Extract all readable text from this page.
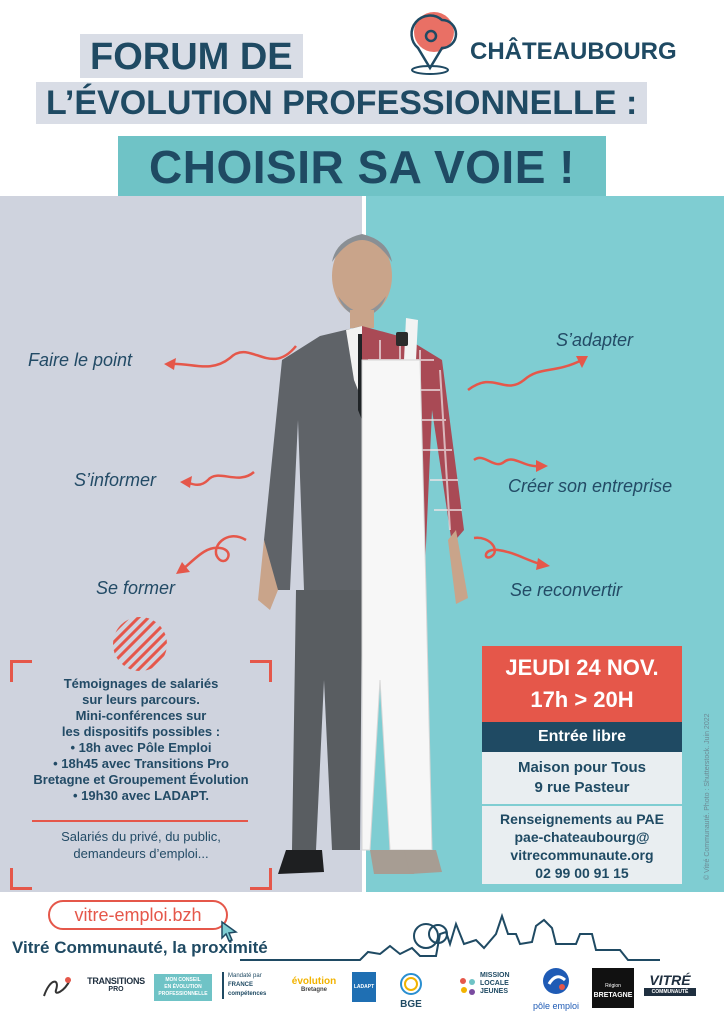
FORUM DE
L’ÉVOLUTION PROFESSIONNELLE :
CHOISIR SA VOIE !
CHÂTEAUBOURG
Faire le point
S’informer
Se former
S’adapter
Créer son entreprise
Se reconvertir
Témoignages de salariés
sur leurs parcours.
Mini-conférences sur
les dispositifs possibles :
• 18h avec Pôle Emploi
• 18h45 avec Transitions Pro
Bretagne et Groupement Évolution
• 19h30 avec LADAPT.
Salariés du privé, du public,
demandeurs d’emploi...
JEUDI 24 NOV.
17h > 20H
Entrée libre
Maison pour Tous
9 rue Pasteur
Renseignements au PAE
pae-chateaubourg@
vitrecommunaute.org
02 99 00 91 15	© Vitré Communauté. Photo : Shutterstock. Juin 2022
vitre-emploi.bzh
Vitré Communauté, la proximité
TRANSITIONS
PRO
MON CONSEIL
EN ÉVOLUTION
PROFESSIONNELLE
Mandaté par
FRANCE compétences
évolution
Bretagne	LADAPT
$^{BGE}$
MISSION
LOCALE
JEUNES
pôle emploi
Région
BRETAGNE
VITRÉ
COMMUNAUTÉ
